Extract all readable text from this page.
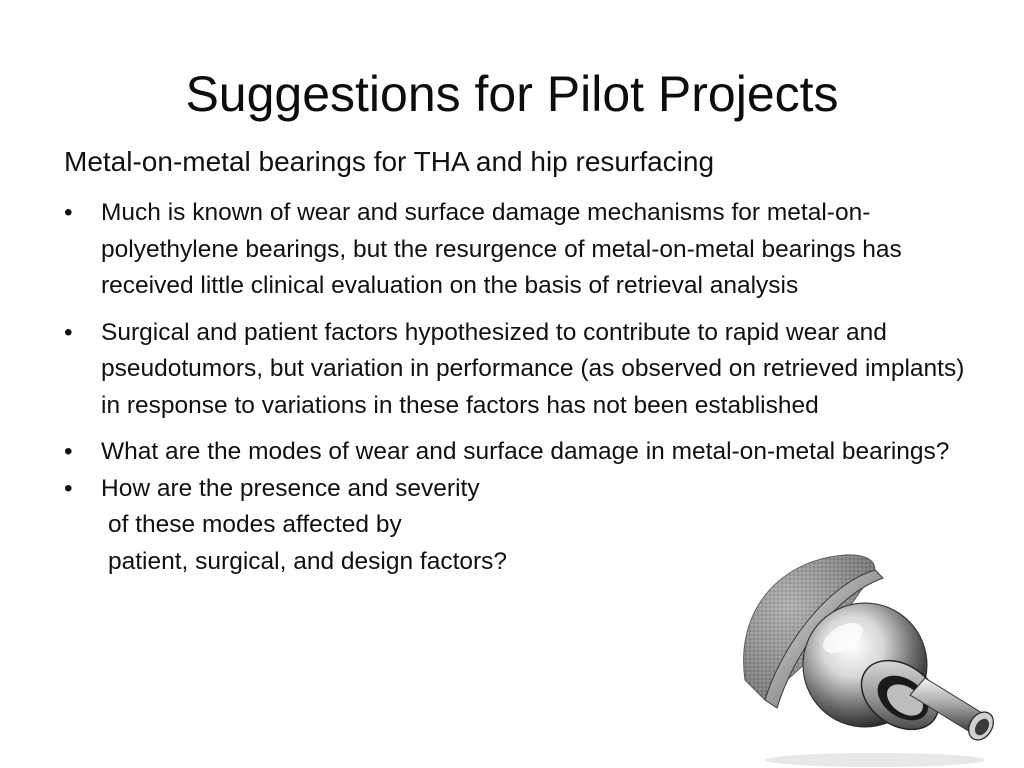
Suggestions for Pilot Projects

Metal-on-metal bearings for THA and hip resurfacing

•	Much is known of wear and surface damage mechanisms for metal-on-polyethylene bearings, but the resurgence of metal-on-metal bearings has received little clinical evaluation on the basis of retrieval analysis
•	Surgical and patient factors hypothesized to contribute to rapid wear and pseudotumors, but variation in performance (as observed on retrieved implants) in response to variations in these factors has not been established
•	What are the modes of wear and surface damage in metal-on-metal bearings?
•	How are the presence and severity
of these modes affected by
patient, surgical, and design factors?
